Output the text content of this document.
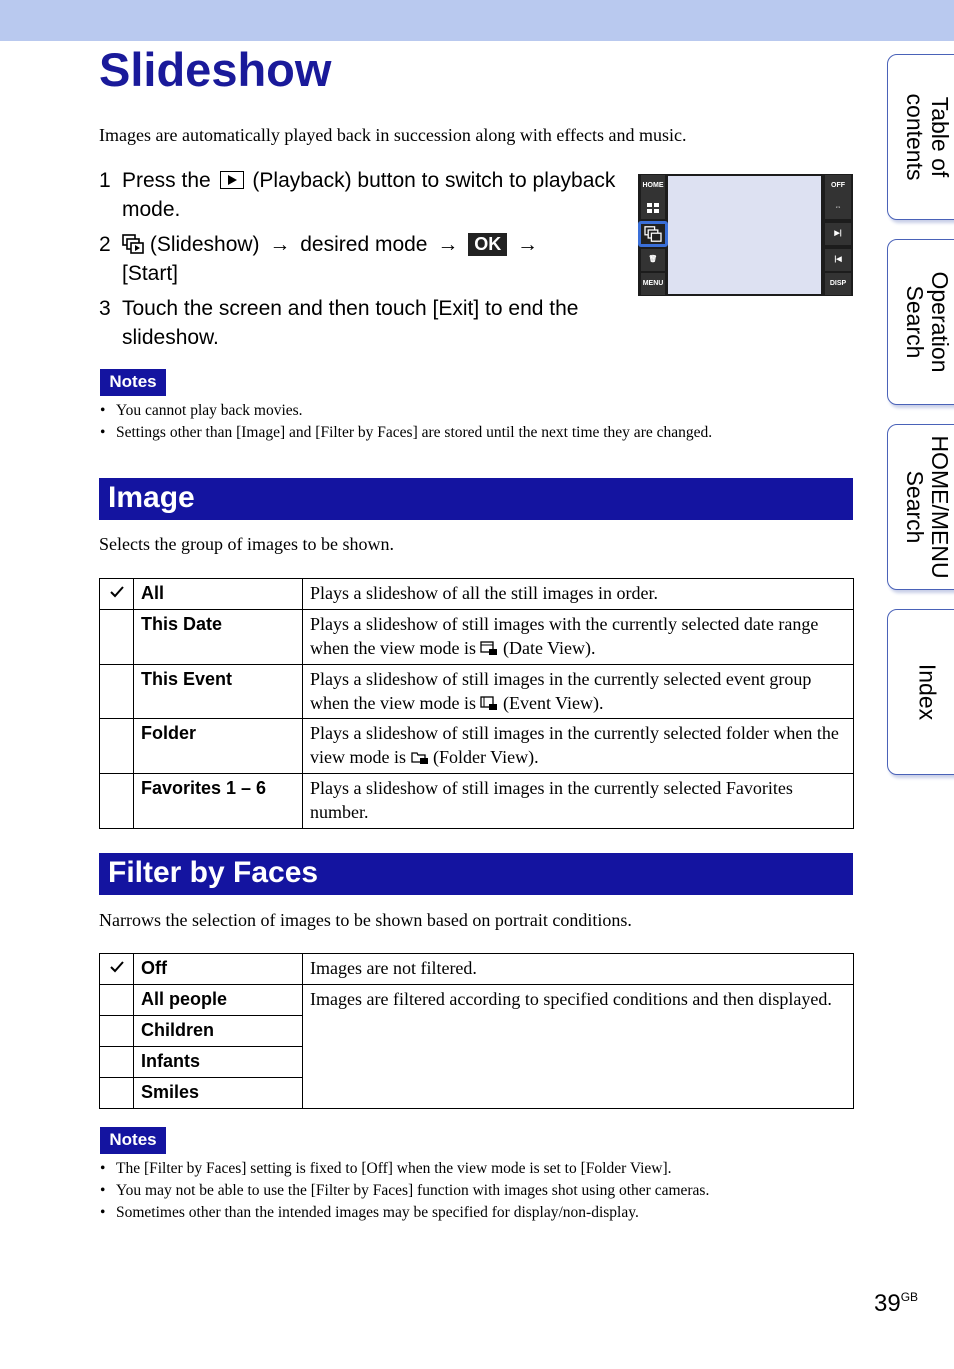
Slideshow

Images are automatically played back in succession along with effects and music.

1 Press the (Playback) button to switch to playback mode.
2 (Slideshow) → desired mode → OK →
[Start]
3 Touch the screen and then touch [Exit] to end the slideshow.
HOME
🗑
MENU
OFF
⇔
▶|
|◀
DISP
Notes
• You cannot play back movies.
• Settings other than [Image] and [Filter by Faces] are stored until the next time they are changed.
Image

Selects the group of images to be shown.

	All	Plays a slideshow of all the still images in order.
	This Date	Plays a slideshow of still images with the currently selected date range when the view mode is (Date View).
	This Event	Plays a slideshow of still images in the currently selected event group when the view mode is (Event View).
	Folder	Plays a slideshow of still images in the currently selected folder when the view mode is (Folder View).
	Favorites 1 – 6	Plays a slideshow of still images in the currently selected Favorites number.
Filter by Faces

Narrows the selection of images to be shown based on portrait conditions.

	Off	Images are not filtered.
	All people	Images are filtered according to specified conditions and then displayed.
	Children	
	Infants	
	Smiles	
Notes
• The [Filter by Faces] setting is fixed to [Off] when the view mode is set to [Folder View].
• You may not be able to use the [Filter by Faces] function with images shot using other cameras.
• Sometimes other than the intended images may be specified for display/non-display.
Table of
contents
Operation
Search
HOME/MENU
Search
Index
$39^{GB}$
